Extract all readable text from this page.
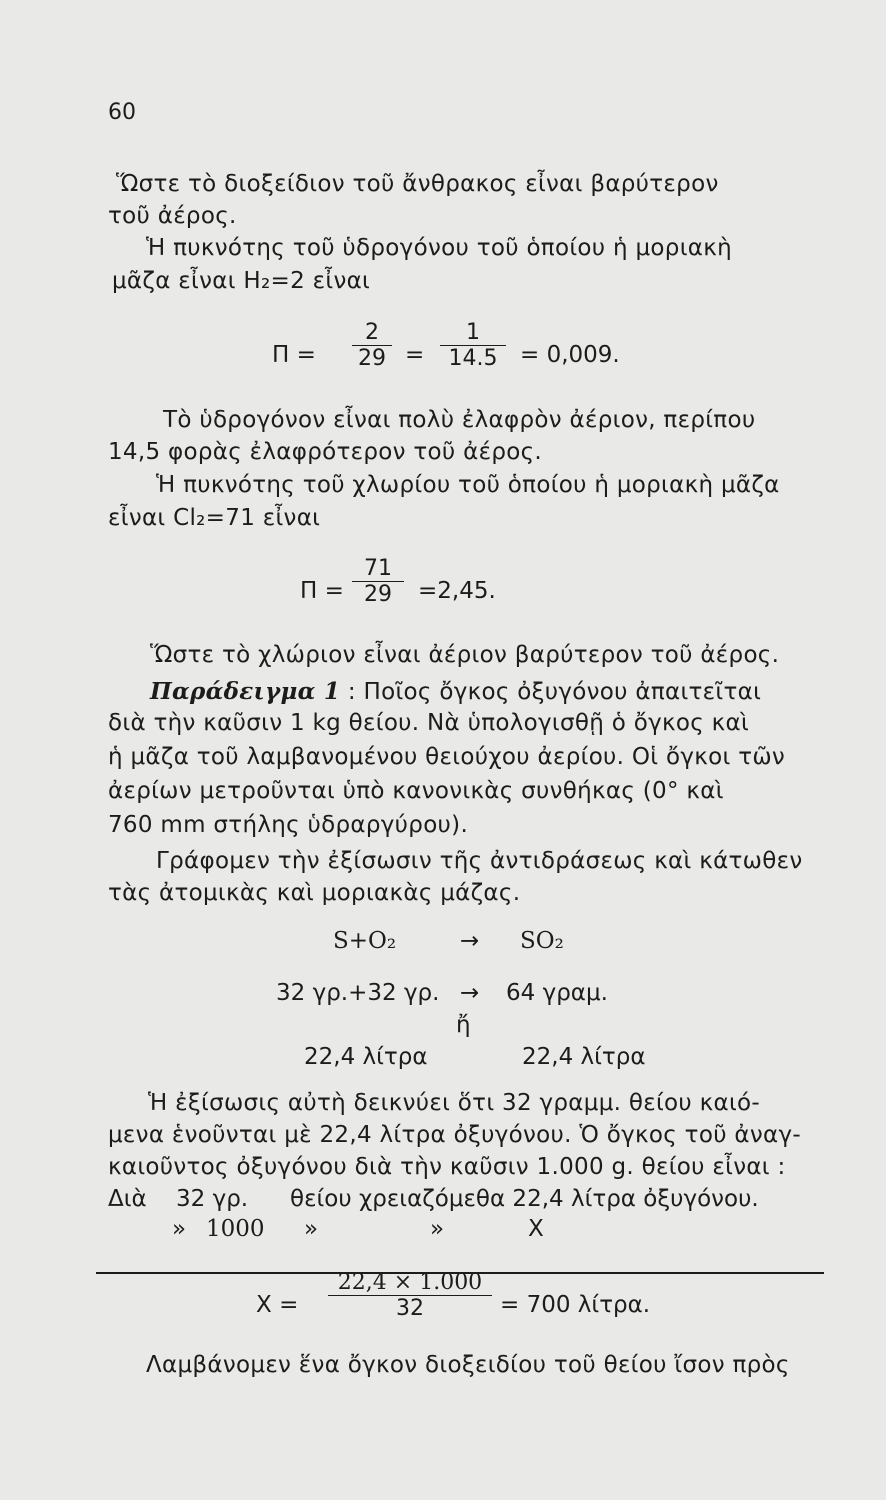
60
Ὥστε τὸ διοξείδιον τοῦ ἄνθρακος εἶναι βαρύτερον
τοῦ ἀέρος.
Ἡ πυκνότης τοῦ ὑδρογόνου τοῦ ὁποίου ἡ μοριακὴ
μᾶζα εἶναι H₂=2 εἶναι
Π =
2
29 =
1
14.5 = 0,009.
Τὸ ὑδρογόνον εἶναι πολὺ ἐλαφρὸν ἀέριον, περίπου
14,5 φορὰς ἐλαφρότερον τοῦ ἀέρος.
Ἡ πυκνότης τοῦ χλωρίου τοῦ ὁποίου ἡ μοριακὴ μᾶζα
εἶναι Cl₂=71 εἶναι
Π =
71
29	=2,45.
Ὥστε τὸ χλώριον εἶναι ἀέριον βαρύτερον τοῦ ἀέρος.
Παράδειγμα 1 : Ποῖος ὄγκος ὀξυγόνου ἀπαιτεῖται
διὰ τὴν καῦσιν 1 kg θείου. Νὰ ὑπολογισθῇ ὁ ὄγκος καὶ
ἡ μᾶζα τοῦ λαμβανομένου θειούχου ἀερίου. Οἱ ὄγκοι τῶν
ἀερίων μετροῦνται ὑπὸ κανονικὰς συνθήκας (0° καὶ
760 mm στήλης ὑδραργύρου).
Γράφομεν τὴν ἐξίσωσιν τῆς ἀντιδράσεως καὶ κάτωθεν
τὰς ἀτομικὰς καὶ μοριακὰς μάζας.
S+O₂	→ SO₂
32 γρ.+32 γρ. → 64 γραμ.
ἤ
22,4 λίτρα	22,4 λίτρα
Ἡ ἐξίσωσις αὐτὴ δεικνύει ὅτι 32 γραμμ. θείου καιό-
μενα ἑνοῦνται μὲ 22,4 λίτρα ὀξυγόνου. Ὁ ὄγκος τοῦ ἀναγ-
καιοῦντος ὀξυγόνου διὰ τὴν καῦσιν 1.000 g. θείου εἶναι :
Διὰ 32 γρ. θείου χρειαζόμεθα 22,4 λίτρα ὀξυγόνου.
» 1000 »	»	X
X =
22,4 × 1.000
32	= 700 λίτρα.
Λαμβάνομεν ἕνα ὄγκον διοξειδίου τοῦ θείου ἴσον πρὸς
